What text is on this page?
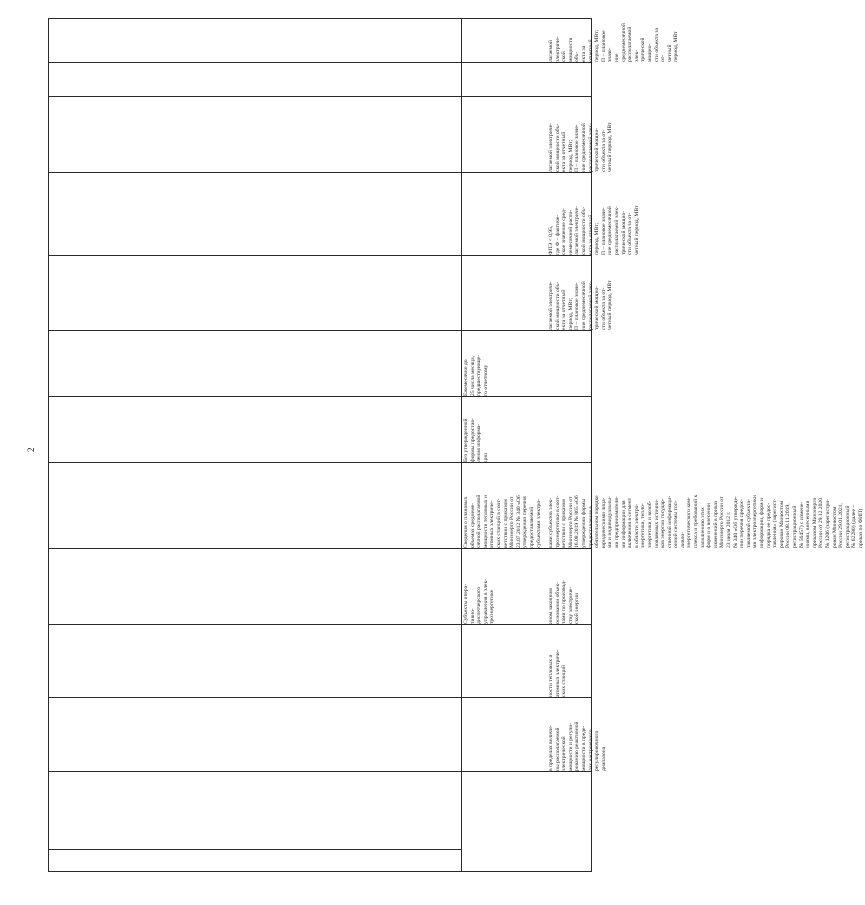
2
в пределах величи-
ны располагаемой
электрической
мощности и регули-
рованию реактивной
мощности в преде-
лах настроечного
регулировочного
диапазона
ности тепловых и
атомных электриче-
ских станций
ином законном
основании объек-
тами по производ-
ству электриче-
ской энергии
ками субъектов элек-
троэнергетики в соот-
ветствии с приказом
Минэнерго России от
16.08.2019 № 865 «Об
утверждении формы
предоставления в
обязательном порядке
юридическими лица-
ми и индивидуальны-
ми предпринимателя-
ми информации для
включения в сегмент
в области электро-
энергетики, тепло-
энергетики и возоб-
новляемых источни-
ков энергии государ-
ственной информаци-
онной системы топ-
ливно-
энергетического ком-
плекса и требований к
заполнению этих
форм и о внесении
изменений в приказ
Минэнерго России от
23 июля 2012 г.
№ 340 «Об утвержде-
нии перечня предос-
тавляемой субъекта-
ми электроэнергетики
информации, форм и
порядка ее предос-
тавления» (зарегист-
рирован Минюстом
России 08.11.2019,
регистрационный
№ 56457) с измене-
ниями, внесенными
приказом Минэнерго
России от 29.12.2020
№ 1206 (зарегистри-
рован Минюстом
России 29.01.2021,
регистрационный
№ 62280) (далее –
приказ по ФИП)
лагаемой электриче-
ской мощности объ-
екта за отчетный
период, МВт;
П – плановое значе-
ние среднемесячной
располагаемой элек-
трической мощно-
сти объекта за от-
четный период, МВт
ФПЭ < 0,95,
где Ф – фактиче-
ское значение сред-
немесячной распо-
лагаемой электриче-
ской мощности объ-
екта за отчетный
период, МВт;
П – плановое значе-
ние среднемесячной
располагаемой элек-
трической мощно-
сти объекта за от-
четный период, МВт
лагаемой электриче-
ской мощности объ-
екта за отчетный
период, МВт;
П – плановое значе-
ние среднемесячной
располагаемой элек-
трической мощно-
сти объекта за от-
четный период, МВт
лагаемой электриче-
ской мощности объ-
екта за отчетный
период, МВт;
П – плановое значе-
ние среднемесячной
располагаемой элек-
трической мощно-
сти объекта за от-
четный период, МВт
Субъекты опера-
тивно-
диспетчерского
управления в элек-
троэнергетике
Сведения о плановых
объемах среднеме-
сячной располагаемой
мощности тепловых и
атомных электриче-
ских станций в соот-
ветствии с приказом
Минэнерго России от
23.07.2012 № 340 «Об
утверждении перечня
предоставляемой
субъектами электро-
Без утвержденной
формы предостав-
ления информа-
ции
Ежемесячно до
25 числа месяца,
предшествующе-
го отчетному
